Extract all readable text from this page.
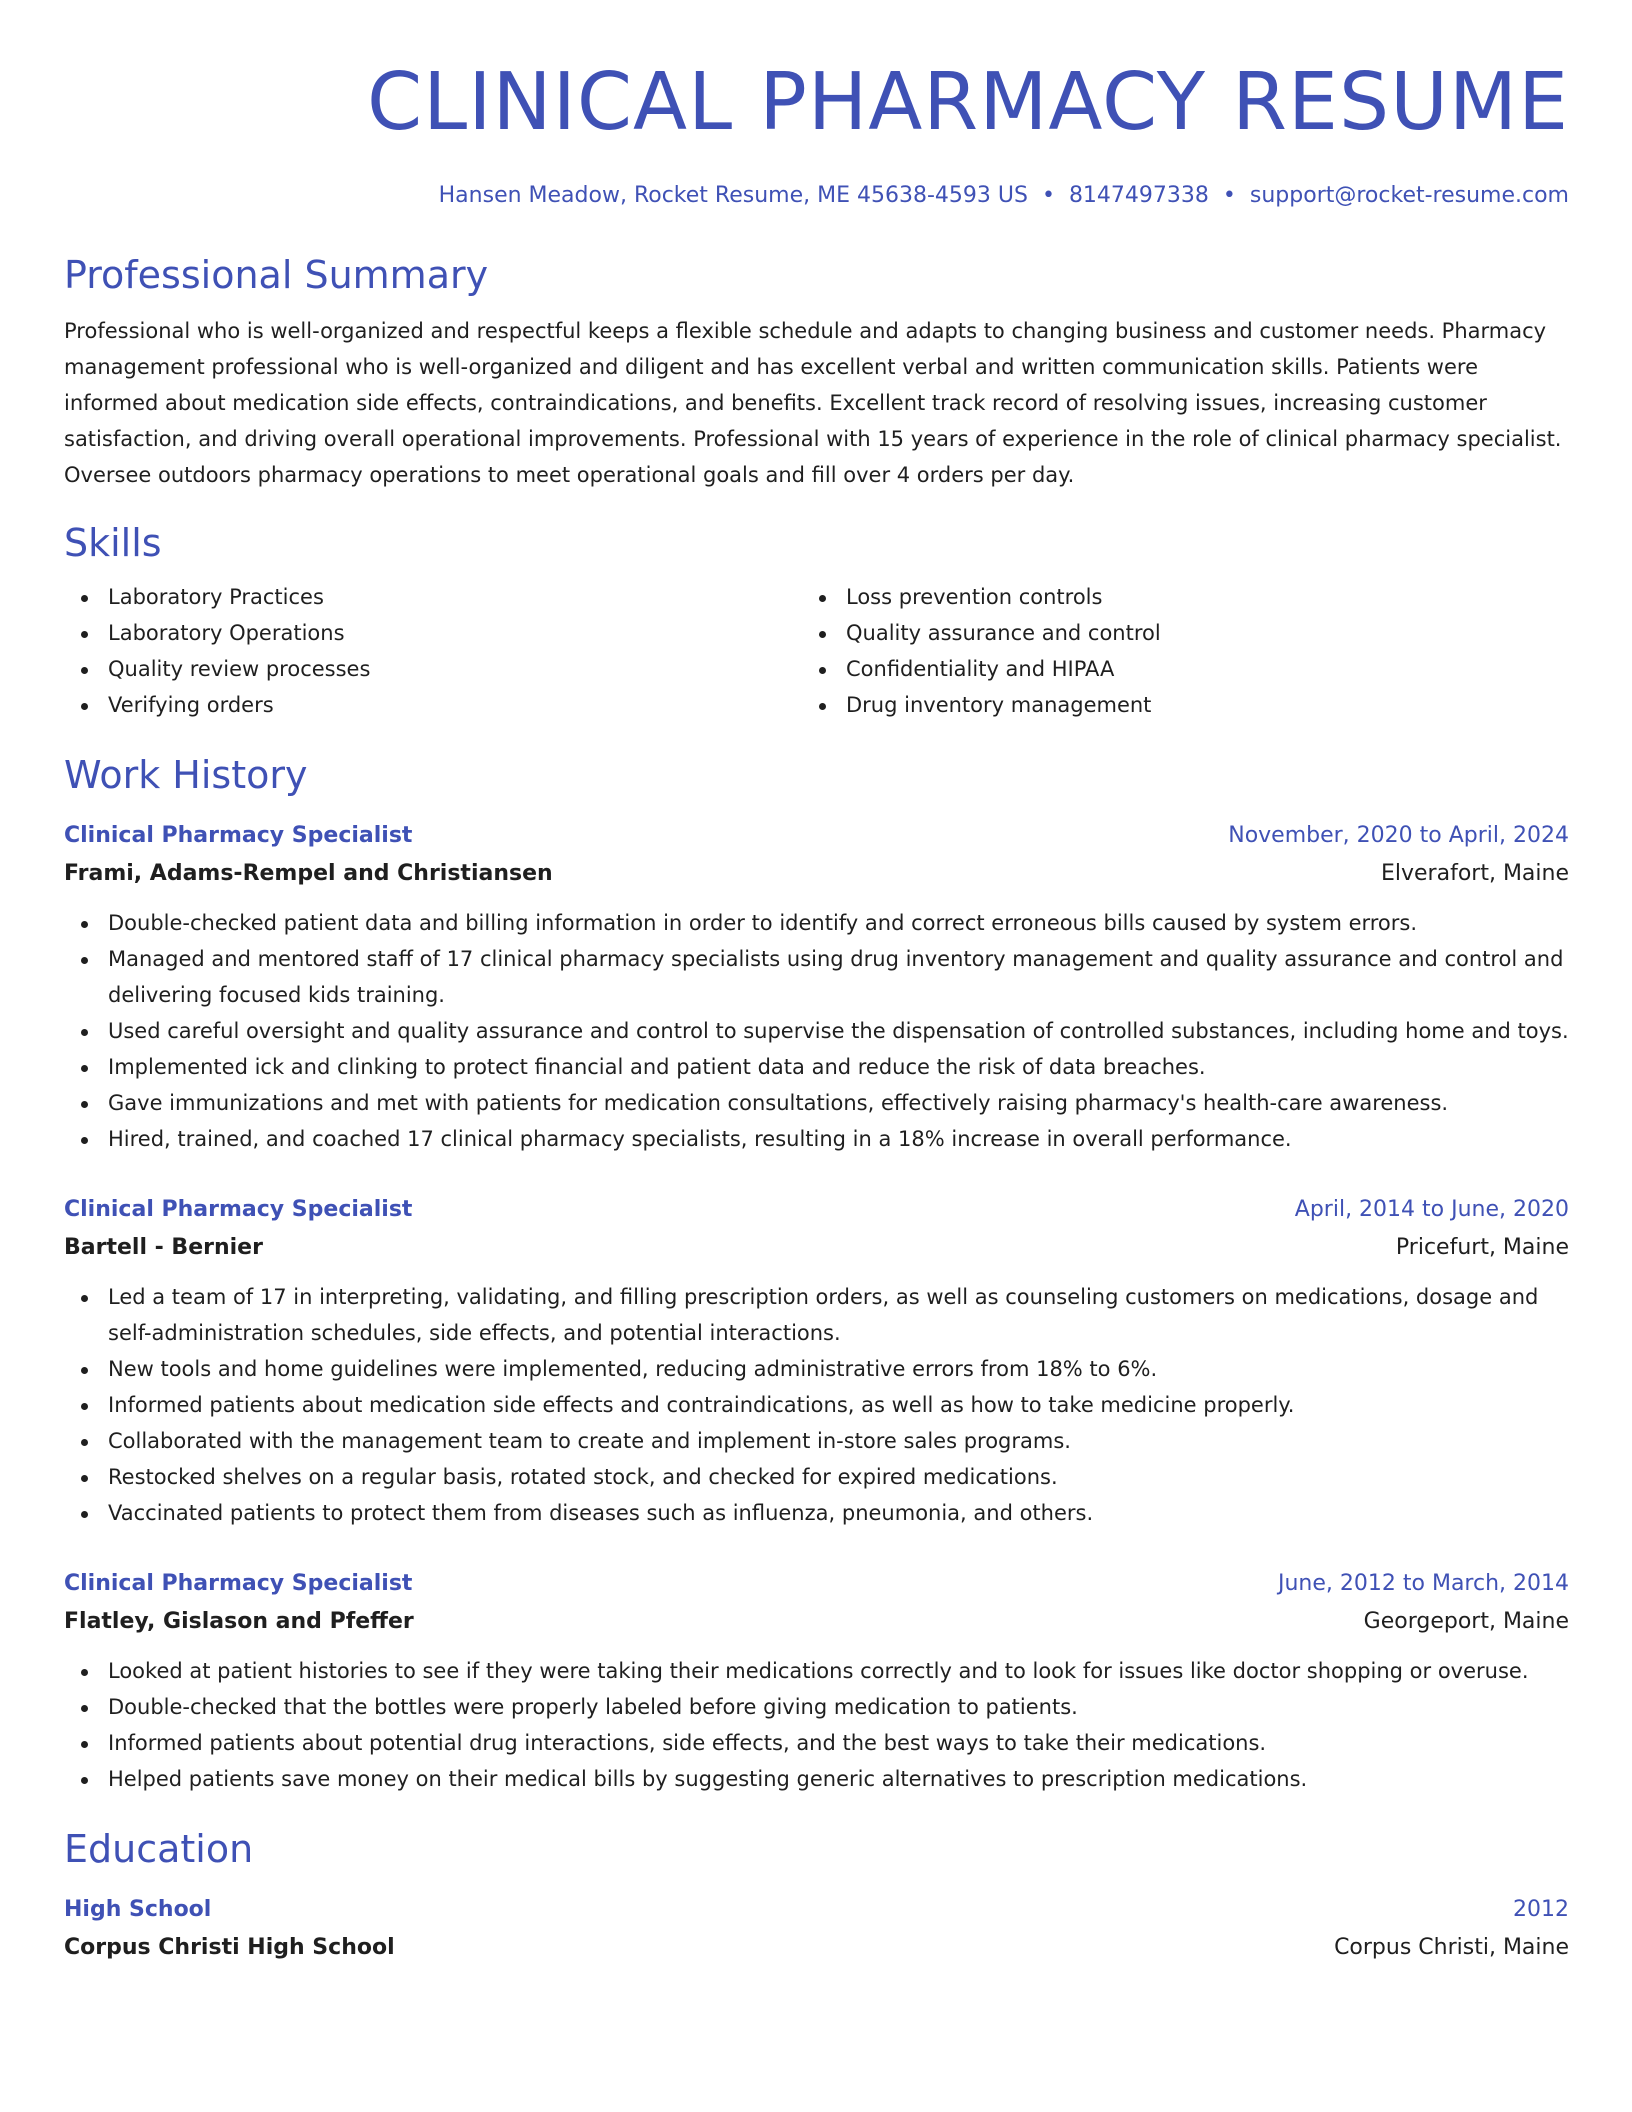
CLINICAL PHARMACY RESUME
Hansen Meadow, Rocket Resume, ME 45638-4593 US • 8147497338 • support@rocket-resume.com
Professional Summary

Professional who is well-organized and respectful keeps a flexible schedule and adapts to changing business and customer needs. Pharmacy management professional who is well-organized and diligent and has excellent verbal and written communication skills. Patients were informed about medication side effects, contraindications, and benefits. Excellent track record of resolving issues, increasing customer satisfaction, and driving overall operational improvements. Professional with 15 years of experience in the role of clinical pharmacy specialist. Oversee outdoors pharmacy operations to meet operational goals and fill over 4 orders per day.

Skills
Laboratory Practices
Laboratory Operations
Quality review processes
Verifying orders
Loss prevention controls
Quality assurance and control
Confidentiality and HIPAA
Drug inventory management
Work History
Clinical Pharmacy Specialist	November, 2020 to April, 2024
Frami, Adams-Rempel and Christiansen	Elverafort, Maine
Double-checked patient data and billing information in order to identify and correct erroneous bills caused by system errors.
Managed and mentored staff of 17 clinical pharmacy specialists using drug inventory management and quality assurance and control and delivering focused kids training.
Used careful oversight and quality assurance and control to supervise the dispensation of controlled substances, including home and toys.
Implemented ick and clinking to protect financial and patient data and reduce the risk of data breaches.
Gave immunizations and met with patients for medication consultations, effectively raising pharmacy's health-care awareness.
Hired, trained, and coached 17 clinical pharmacy specialists, resulting in a 18% increase in overall performance.
Clinical Pharmacy Specialist	April, 2014 to June, 2020
Bartell - Bernier	Pricefurt, Maine
Led a team of 17 in interpreting, validating, and filling prescription orders, as well as counseling customers on medications, dosage and self-administration schedules, side effects, and potential interactions.
New tools and home guidelines were implemented, reducing administrative errors from 18% to 6%.
Informed patients about medication side effects and contraindications, as well as how to take medicine properly.
Collaborated with the management team to create and implement in-store sales programs.
Restocked shelves on a regular basis, rotated stock, and checked for expired medications.
Vaccinated patients to protect them from diseases such as influenza, pneumonia, and others.
Clinical Pharmacy Specialist	June, 2012 to March, 2014
Flatley, Gislason and Pfeffer	Georgeport, Maine
Looked at patient histories to see if they were taking their medications correctly and to look for issues like doctor shopping or overuse.
Double-checked that the bottles were properly labeled before giving medication to patients.
Informed patients about potential drug interactions, side effects, and the best ways to take their medications.
Helped patients save money on their medical bills by suggesting generic alternatives to prescription medications.
Education
High School	2012
Corpus Christi High School	Corpus Christi, Maine
